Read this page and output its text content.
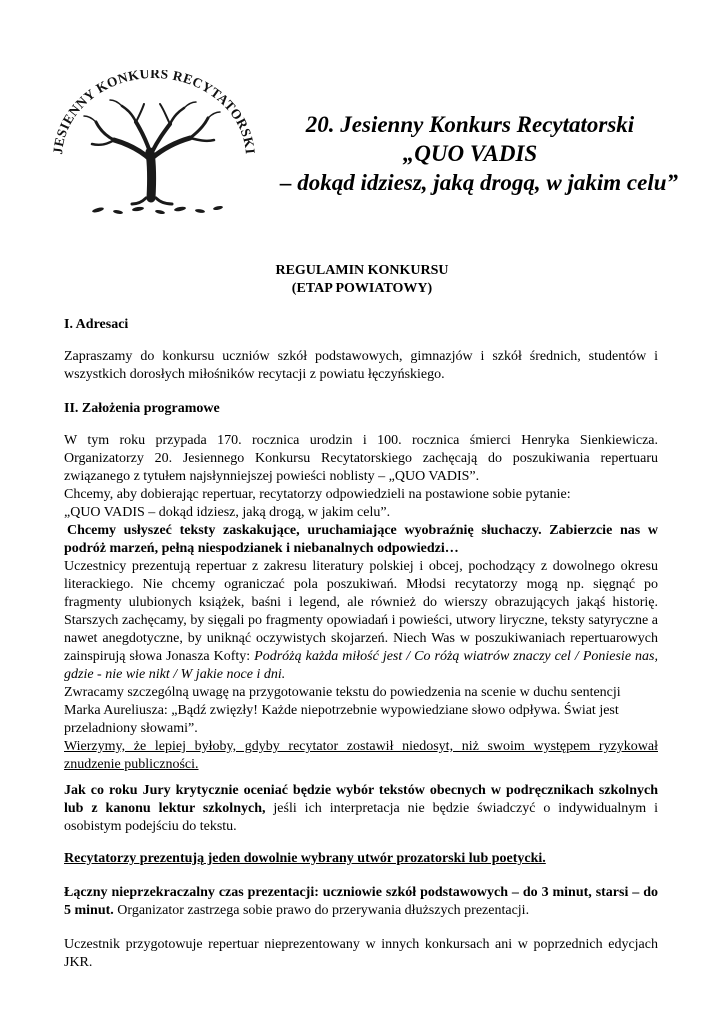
JESIENNY KONKURS RECYTATORSKI
20. Jesienny Konkurs Recytatorski
„QUO VADIS
– dokąd idziesz, jaką drogą, w jakim celu”
REGULAMIN KONKURSU
(ETAP POWIATOWY)
I. Adresaci

Zapraszamy do konkursu uczniów szkół podstawowych, gimnazjów i szkół średnich, studentów i wszystkich dorosłych miłośników recytacji z powiatu łęczyńskiego.

II. Założenia programowe

W tym roku przypada 170. rocznica urodzin i 100. rocznica śmierci Henryka Sienkiewicza. Organizatorzy 20. Jesiennego Konkursu Recytatorskiego zachęcają do poszukiwania repertuaru związanego z tytułem najsłynniejszej powieści noblisty – „QUO VADIS”.

Chcemy, aby dobierając repertuar, recytatorzy odpowiedzieli na postawione sobie pytanie:

„QUO VADIS – dokąd idziesz, jaką drogą, w jakim celu”.

Chcemy usłyszeć teksty zaskakujące, uruchamiające wyobraźnię słuchaczy. Zabierzcie nas w podróż marzeń, pełną niespodzianek i niebanalnych odpowiedzi…

Uczestnicy prezentują repertuar z zakresu literatury polskiej i obcej, pochodzący z dowolnego okresu literackiego. Nie chcemy ograniczać pola poszukiwań. Młodsi recytatorzy mogą np. sięgnąć po fragmenty ulubionych książek, baśni i legend, ale również do wierszy obrazujących jakąś historię. Starszych zachęcamy, by sięgali po fragmenty opowiadań i powieści, utwory liryczne, teksty satyryczne a nawet anegdotyczne, by uniknąć oczywistych skojarzeń. Niech Was w poszukiwaniach repertuarowych zainspirują słowa Jonasza Kofty: Podróżą każda miłość jest / Co różą wiatrów znaczy cel / Poniesie nas, gdzie - nie wie nikt / W jakie noce i dni.

Zwracamy szczególną uwagę na przygotowanie tekstu do powiedzenia na scenie w duchu sentencji Marka Aureliusza: „Bądź zwięzły! Każde niepotrzebnie wypowiedziane słowo odpływa. Świat jest przeladniony słowami”.

Wierzymy, że lepiej byłoby, gdyby recytator zostawił niedosyt, niż swoim występem ryzykował znudzenie publiczności.

Jak co roku Jury krytycznie oceniać będzie wybór tekstów obecnych w podręcznikach szkolnych lub z kanonu lektur szkolnych, jeśli ich interpretacja nie będzie świadczyć o indywidualnym i osobistym podejściu do tekstu.

Recytatorzy prezentują jeden dowolnie wybrany utwór prozatorski lub poetycki.

Łączny nieprzekraczalny czas prezentacji: uczniowie szkół podstawowych – do 3 minut, starsi – do 5 minut. Organizator zastrzega sobie prawo do przerywania dłuższych prezentacji.

Uczestnik przygotowuje repertuar nieprezentowany w innych konkursach ani w poprzednich edycjach JKR.
